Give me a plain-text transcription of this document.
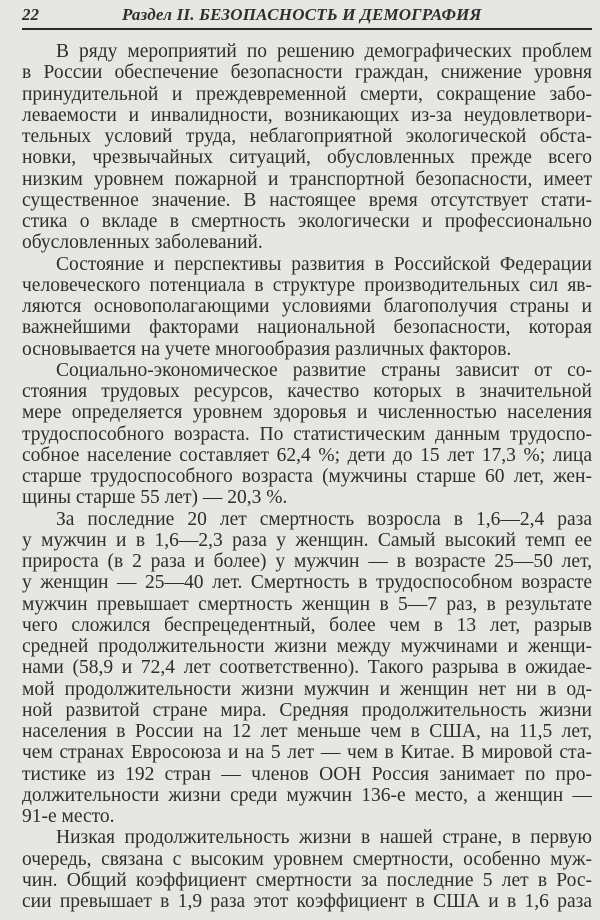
22	Раздел II. БЕЗОПАСНОСТЬ И ДЕМОГРАФИЯ
В ряду мероприятий по решению демографических проблем
в России обеспечение безопасности граждан, снижение уровня
принудительной и преждевременной смерти, сокращение забо-
леваемости и инвалидности, возникающих из-за неудовлетвори-
тельных условий труда, неблагоприятной экологической обста-
новки, чрезвычайных ситуаций, обусловленных прежде всего
низким уровнем пожарной и транспортной безопасности, имеет
существенное значение. В настоящее время отсутствует стати-
стика о вкладе в смертность экологически и профессионально
обусловленных заболеваний.
Состояние и перспективы развития в Российской Федерации
человеческого потенциала в структуре производительных сил яв-
ляются основополагающими условиями благополучия страны и
важнейшими факторами национальной безопасности, которая
основывается на учете многообразия различных факторов.
Социально-экономическое развитие страны зависит от со-
стояния трудовых ресурсов, качество которых в значительной
мере определяется уровнем здоровья и численностью населения
трудоспособного возраста. По статистическим данным трудоспо-
собное население составляет 62,4 %; дети до 15 лет 17,3 %; лица
старше трудоспособного возраста (мужчины старше 60 лет, жен-
щины старше 55 лет) — 20,3 %.
За последние 20 лет смертность возросла в 1,6—2,4 раза
у мужчин и в 1,6—2,3 раза у женщин. Самый высокий темп ее
прироста (в 2 раза и более) у мужчин — в возрасте 25—50 лет,
у женщин — 25—40 лет. Смертность в трудоспособном возрасте
мужчин превышает смертность женщин в 5—7 раз, в результате
чего сложился беспрецедентный, более чем в 13 лет, разрыв
средней продолжительности жизни между мужчинами и женщи-
нами (58,9 и 72,4 лет соответственно). Такого разрыва в ожидае-
мой продолжительности жизни мужчин и женщин нет ни в од-
ной развитой стране мира. Средняя продолжительность жизни
населения в России на 12 лет меньше чем в США, на 11,5 лет,
чем странах Евросоюза и на 5 лет — чем в Китае. В мировой ста-
тистике из 192 стран — членов ООН Россия занимает по про-
должительности жизни среди мужчин 136-е место, а женщин —
91-е место.
Низкая продолжительность жизни в нашей стране, в первую
очередь, связана с высоким уровнем смертности, особенно муж-
чин. Общий коэффициент смертности за последние 5 лет в Рос-
сии превышает в 1,9 раза этот коэффициент в США и в 1,6 раза
